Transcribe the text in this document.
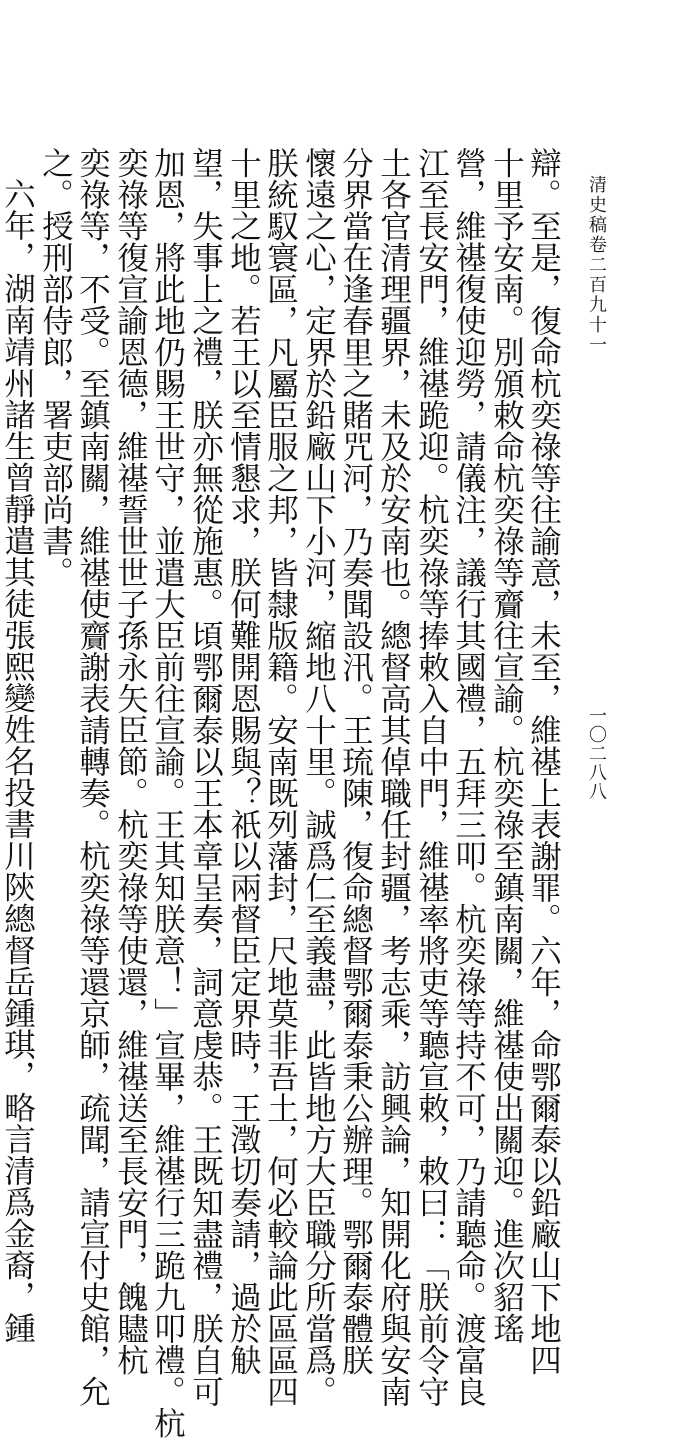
清史稿卷二百九十一
一〇二八八
辯。至是，復命杭奕祿等往諭意，未至，維禥上表謝罪。六年，命鄂爾泰以鉛廠山下地四
十里予安南。別頒敕命杭奕祿等齎往宣諭。杭奕祿至鎮南關，維禥使出關迎。進次貂瑤
營，維禥復使迎勞，請儀注，議行其國禮，五拜三叩。杭奕祿等持不可，乃請聽命。渡富良
江至長安門，維禥跪迎。杭奕祿等捧敕入自中門，維禥率將吏等聽宣敕，敕曰：「朕前令守
土各官清理疆界，未及於安南也。總督高其倬職任封疆，考志乘，訪興論，知開化府與安南
分界當在逢春里之賭咒河，乃奏聞設汛。王琉陳，復命總督鄂爾泰秉公辦理。鄂爾泰體朕
懷遠之心，定界於鉛廠山下小河，縮地八十里。誠爲仁至義盡，此皆地方大臣職分所當爲。
朕統馭寰區，凡屬臣服之邦，皆隸版籍。安南既列藩封，尺地莫非吾土，何必較論此區區四
十里之地。若王以至情懇求，朕何難開恩賜與？祇以兩督臣定界時，王澂切奏請，過於觖
望，失事上之禮，朕亦無從施惠。頃鄂爾泰以王本章呈奏，詞意虔恭。王既知盡禮，朕自可
加恩，將此地仍賜王世守，並遣大臣前往宣諭。王其知朕意！」宣畢，維禥行三跪九叩禮。杭
奕祿等復宣諭恩德，維禥誓世世子孫永矢臣節。杭奕祿等使還，維禥送至長安門，餽贐杭
奕祿等，不受。至鎮南關，維禥使齎謝表請轉奏。杭奕祿等還京師，疏聞，請宣付史館，允
之。授刑部侍郎，署吏部尚書。
六年，湖南靖州諸生曾靜遣其徒張熙變姓名投書川陝總督岳鍾琪，略言清爲金裔，鍾
